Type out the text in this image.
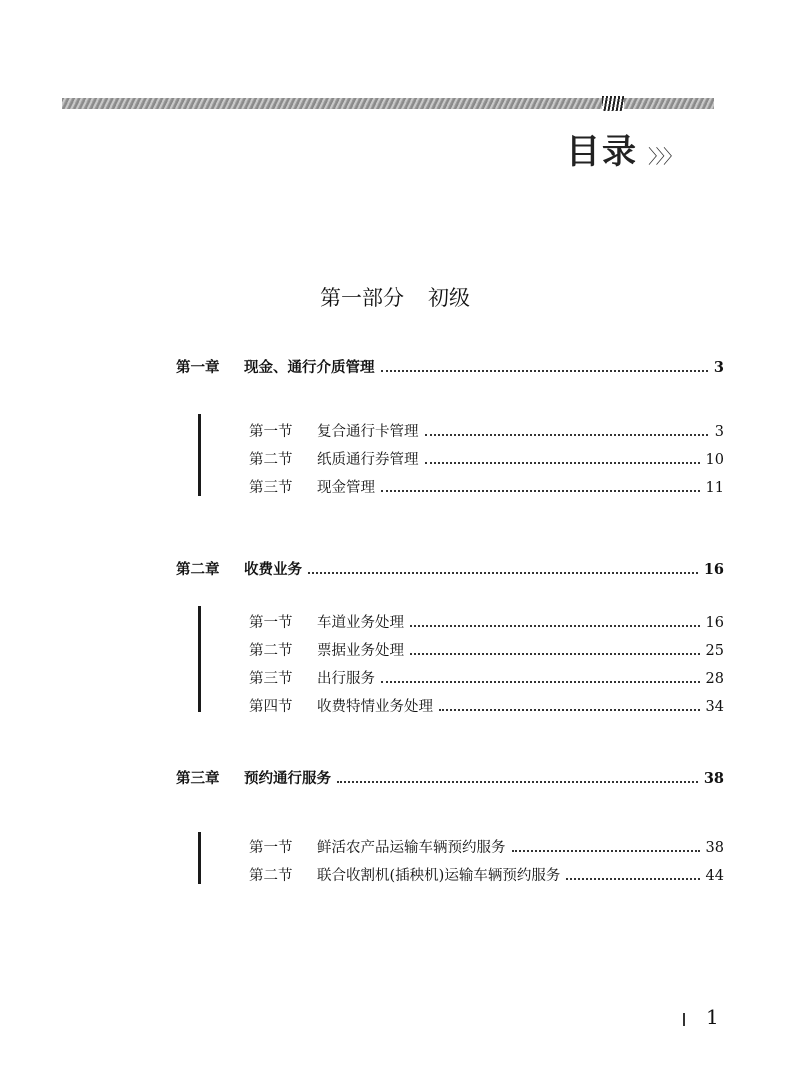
目录 〉〉〉
第一部分 初级
第一章	现金、通行介质管理	3
第一节	复合通行卡管理	3
第二节	纸质通行券管理	10
第三节	现金管理	11
第二章	收费业务	16
第一节	车道业务处理	16
第二节	票据业务处理	25
第三节	出行服务	28
第四节	收费特情业务处理	34
第三章	预约通行服务	38
第一节	鲜活农产品运输车辆预约服务	38
第二节	联合收割机(插秧机)运输车辆预约服务	44
1
